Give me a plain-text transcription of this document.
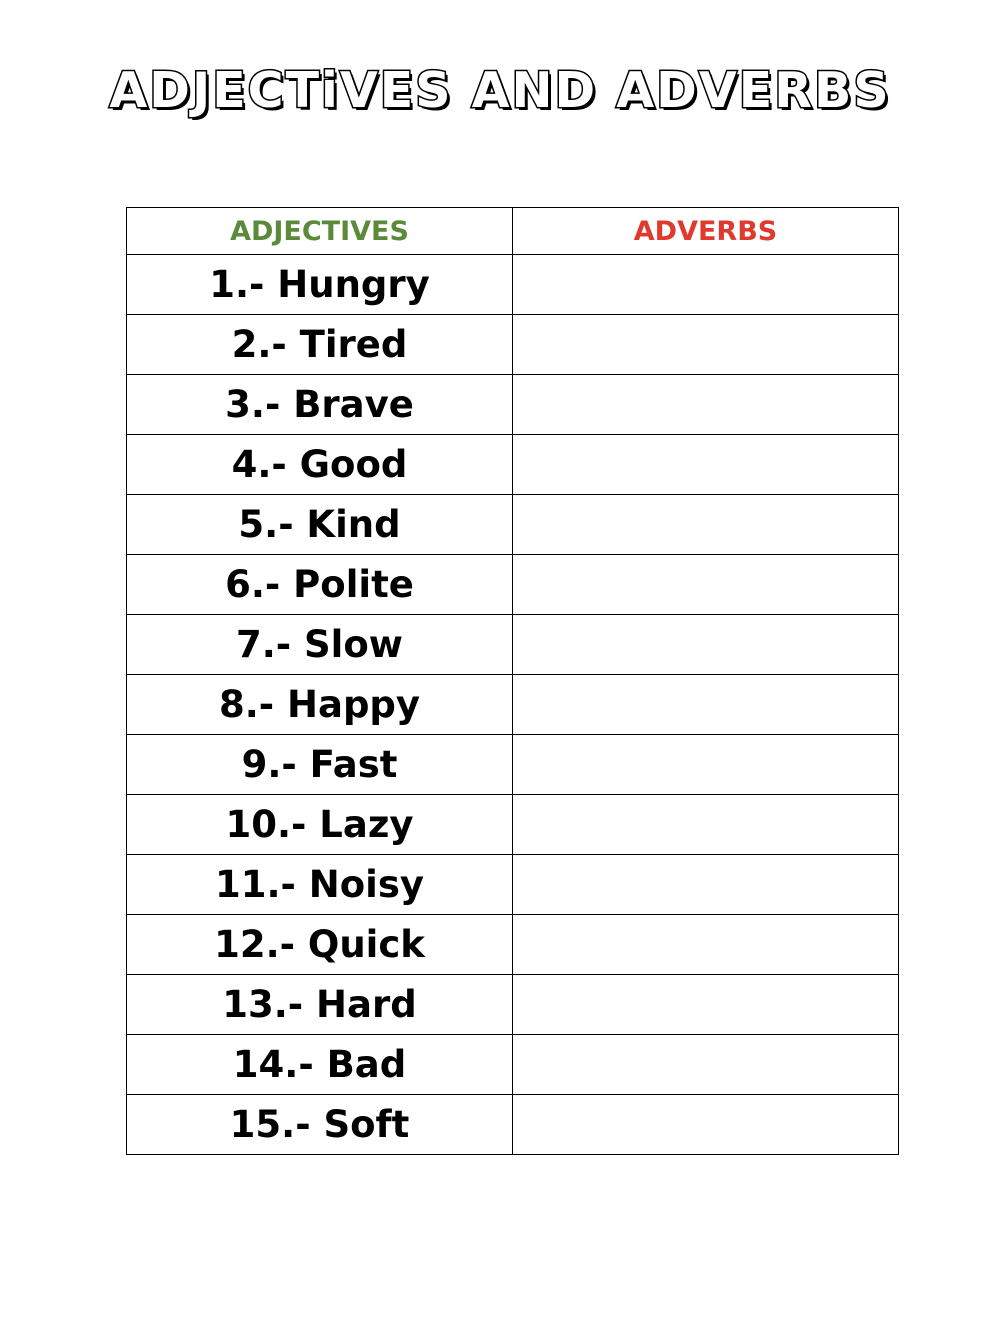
ADJECTiVES AND ADVERBS
ADJECTIVES	ADVERBS
1.- Hungry	
2.- Tired	
3.- Brave	
4.- Good	
5.- Kind	
6.- Polite	
7.- Slow	
8.- Happy	
9.- Fast	
10.- Lazy	
11.- Noisy	
12.- Quick	
13.- Hard	
14.- Bad	
15.- Soft	
